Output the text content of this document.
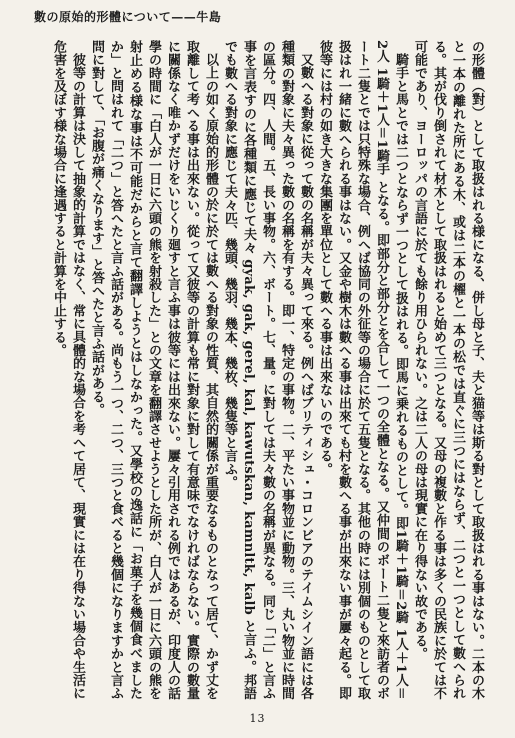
數の原始的形體について——牛島

の形體（對）として取扱はれる様になる、併し母と子、夫と猫等は斯る對として取扱はれる事はない。二本の木と一本の離れた所にある木、或は二本の櫂と一本の松では直ぐに三つにはならず、二つと一つとして數へられる。其が伐り倒されて材木として取扱はれると始めて三つとなる。又母の複數と作る事は多くの民族に於ては不可能であり、ヨーロッパの言語に於ても餘り用ひられない。之は二人の母は現實に在り得ない故である。

騎手と馬とでは二つとならず一つとして扱はれる。即馬に乗れるものとして。即1騎＋1騎＝2騎 1人＋1人＝2人 1騎＋1人＝1騎手 となる。即部分と部分とを合して一つの全體となる。又仲間のボート二隻と來訪者のボート二隻とでは只特殊な場合、例へば協同の外征等の場合に於て五隻となる。其他の時には別個のものとして取扱はれ一緒に數へられる事はない。又金や樹木は數へる事は出來ても村を數へる事が出來ない事が屢々起る。即彼等には村の如き大きな集團を單位として數へる事は出來ないのである。

又數へる對象に從って數の名稱が夫々異って來る。例へばブリティシュ・コロンビアのテイムシイン語には各種類の對象に夫々異った數の名稱を有する。即一、特定の事物。二、平たい事物並に動物。三、丸い物並に時間の區分。四、人間。五、長い事物。六、ボート。七、量。に對しては夫々數の名稱が異なる。同じ「二」と言ふ事を言表すのに各種類に應じて夫々 gyak, gak, gerel, kal, kawutskan, kamnltk, kalb と言ふ。邦語でも數へる對象に應じて夫々匹、幾頭、幾羽、幾本、幾枚、幾隻等と言ふ。

以上の如く原始的形體の於に於ては數へる對象の性質、其自然的關係が重要なるものとなって居て、かず丈を取離して考へる事は出來ない。從って又彼等の計算も常に對象に對して有意味でなければならない。實際の數量に關係なく唯かずだけをいじくり廻すと言ふ事は彼等には出來ない。屢々引用される例ではあるが、印度人の話學の時間に「白人が一日に六頭の熊を射殺した」との文章を翻譯させようとした所が、白人が一日に六頭の熊を射止める様な事は不可能だからと言て翻譯しようとはしなかった。又學校の逸話に「お菓子を幾個食べましたか」と問はれて「二つ」と答へたと言ふ話がある。尚もう一つ、二つ、三つと食べると幾個になりますかと言ふ問に對して、「お腹が痛くなります」と答へたと言ふ話がある。

彼等の計算は決して抽象的計算ではなく、常に具體的な場合を考へて居て、現實には在り得ない場合や生活に危害を及ぼす様な場合に逢遇すると計算を中止する。

13
